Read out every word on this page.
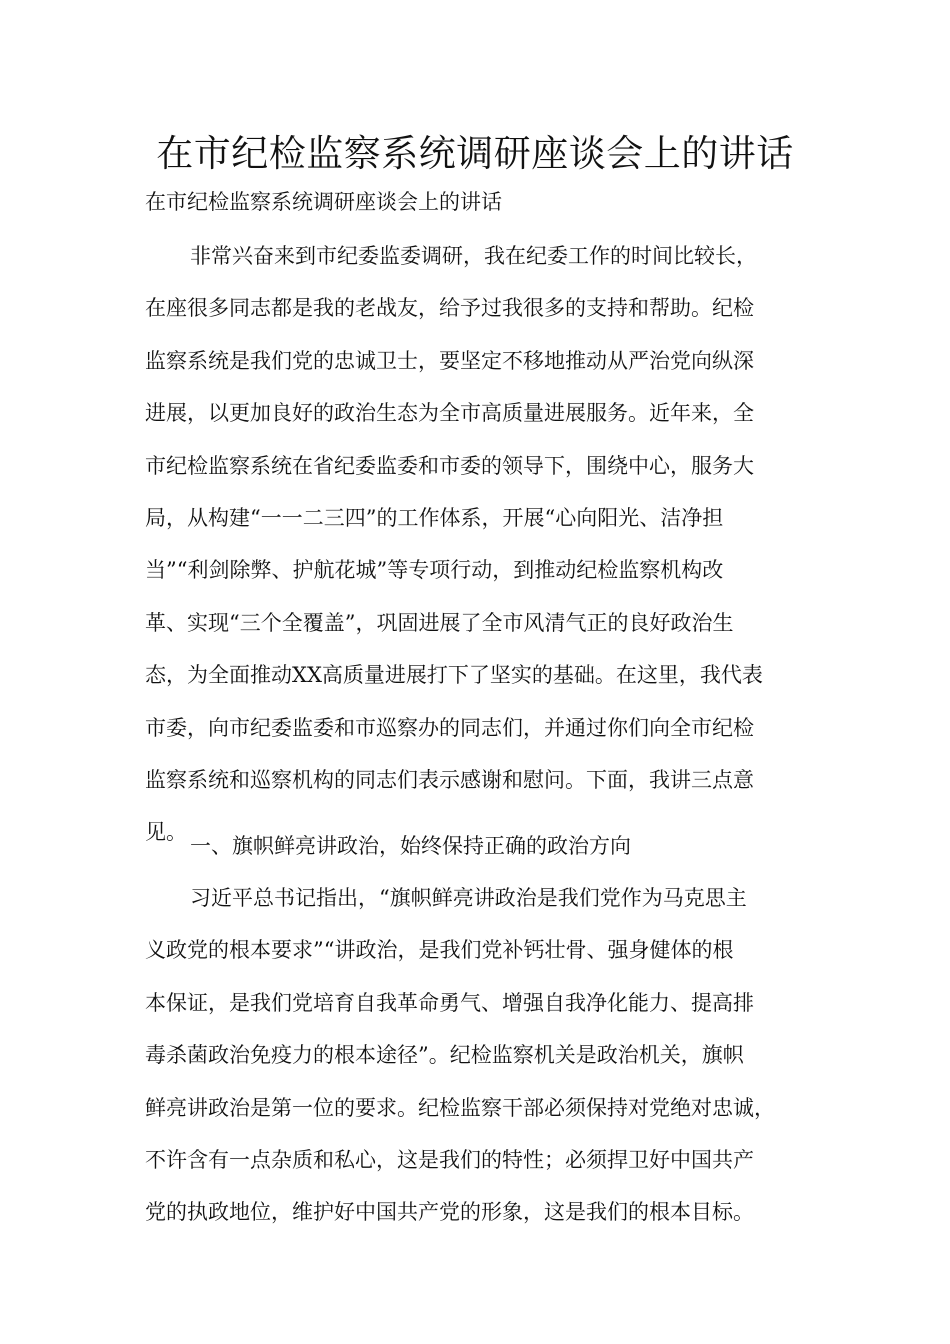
在市纪检监察系统调研座谈会上的讲话
在市纪检监察系统调研座谈会上的讲话
非常兴奋来到市纪委监委调研，我在纪委工作的时间比较长，
在座很多同志都是我的老战友，给予过我很多的支持和帮助。纪检
监察系统是我们党的忠诚卫士，要坚定不移地推动从严治党向纵深
进展，以更加良好的政治生态为全市高质量进展服务。近年来，全
市纪检监察系统在省纪委监委和市委的领导下，围绕中心，服务大
局，从构建“一一二三四”的工作体系，开展“心向阳光、洁净担
当”“利剑除弊、护航花城”等专项行动，到推动纪检监察机构改
革、实现“三个全覆盖”，巩固进展了全市风清气正的良好政治生
态，为全面推动XX高质量进展打下了坚实的基础。在这里，我代表
市委，向市纪委监委和市巡察办的同志们，并通过你们向全市纪检
监察系统和巡察机构的同志们表示感谢和慰问。下面，我讲三点意
见。
一、旗帜鲜亮讲政治，始终保持正确的政治方向
习近平总书记指出，“旗帜鲜亮讲政治是我们党作为马克思主
义政党的根本要求”“讲政治，是我们党补钙壮骨、强身健体的根
本保证，是我们党培育自我革命勇气、增强自我净化能力、提高排
毒杀菌政治免疫力的根本途径”。纪检监察机关是政治机关，旗帜
鲜亮讲政治是第一位的要求。纪检监察干部必须保持对党绝对忠诚，
不许含有一点杂质和私心，这是我们的特性；必须捍卫好中国共产
党的执政地位，维护好中国共产党的形象，这是我们的根本目标。
